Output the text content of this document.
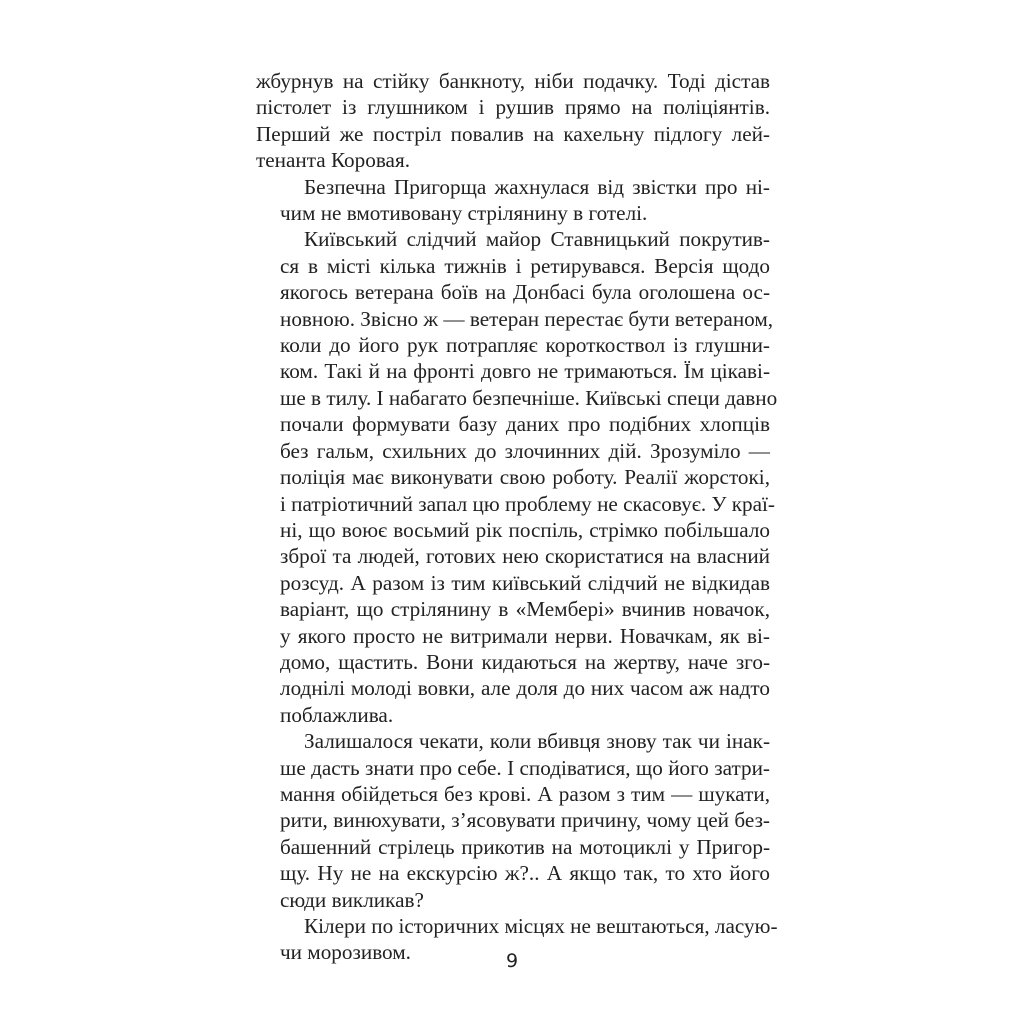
жбурнув на стійку банкноту, ніби подачку. Тоді дістав
пістолет із глушником і рушив прямо на поліціянтів.
Перший же постріл повалив на кахельну підлогу лей-
тенанта Коровая.

Безпечна Пригорща жахнулася від звістки про ні-
чим не вмотивовану стрілянину в готелі.

Київський слідчий майор Ставницький покрутив-
ся в місті кілька тижнів і ретирувався. Версія щодо
якогось ветерана боїв на Донбасі була оголошена ос-
новною. Звісно ж — ветеран перестає бути ветераном,
коли до його рук потрапляє короткоствол із глушни-
ком. Такі й на фронті довго не тримаються. Їм цікаві-
ше в тилу. І набагато безпечніше. Київські специ давно
почали формувати базу даних про подібних хлопців
без гальм, схильних до злочинних дій. Зрозуміло —
поліція має виконувати свою роботу. Реалії жорстокі,
і патріотичний запал цю проблему не скасовує. У краї-
ні, що воює восьмий рік поспіль, стрімко побільшало
зброї та людей, готових нею скористатися на власний
розсуд. А разом із тим київський слідчий не відкидав
варіант, що стрілянину в «Мембері» вчинив новачок,
у якого просто не витримали нерви. Новачкам, як ві-
домо, щастить. Вони кидаються на жертву, наче зго-
лоднілі молоді вовки, але доля до них часом аж надто
поблажлива.

Залишалося чекати, коли вбивця знову так чи інак-
ше дасть знати про себе. І сподіватися, що його затри-
мання обійдеться без крові. А разом з тим — шукати,
рити, винюхувати, з’ясовувати причину, чому цей без-
башенний стрілець прикотив на мотоциклі у Пригор-
щу. Ну не на екскурсію ж?.. А якщо так, то хто його
сюди викликав?

Кілери по історичних місцях не вештаються, ласую-
чи морозивом.	9
